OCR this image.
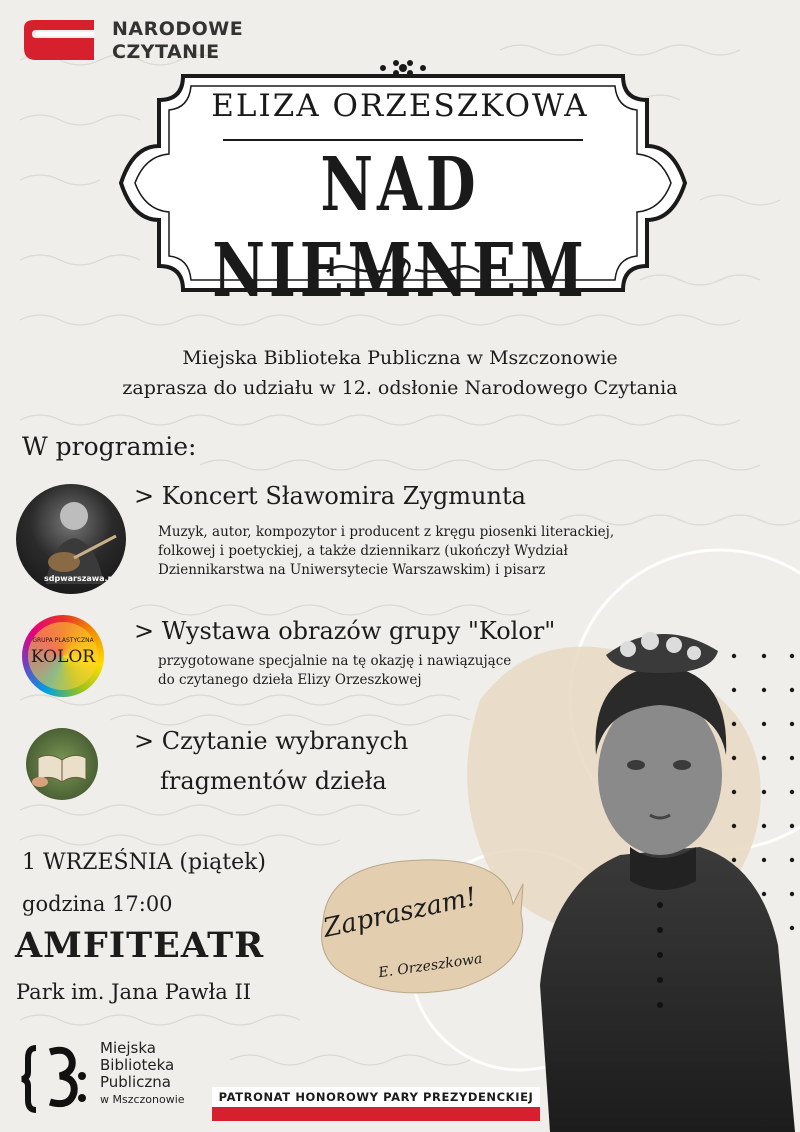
NARODOWE
CZYTANIE
ELIZA ORZESZKOWA
NAD NIEMNEM
Miejska Biblioteka Publiczna w Mszczonowie
zaprasza do udziału w 12. odsłonie Narodowego Czytania
W programie:
sdpwarszawa.pl
> Koncert Sławomira Zygmunta
Muzyk, autor, kompozytor i producent z kręgu piosenki literackiej,
folkowej i poetyckiej, a także dziennikarz (ukończył Wydział
Dziennikarstwa na Uniwersytecie Warszawskim) i pisarz
GRUPA PLASTYCZNA
KOLOR
> Wystawa obrazów grupy "Kolor"
przygotowane specjalnie na tę okazję i nawiązujące
do czytanego dzieła Elizy Orzeszkowej
> Czytanie wybranych
fragmentów dzieła
Zapraszam!
E. Orzeszkowa
1 WRZEŚNIA (piątek)
godzina 17:00
AMFITEATR
Park im. Jana Pawła II
Miejska
Biblioteka
Publiczna
w Mszczonowie	PATRONAT HONOROWY PARY PREZYDENCKIEJ
